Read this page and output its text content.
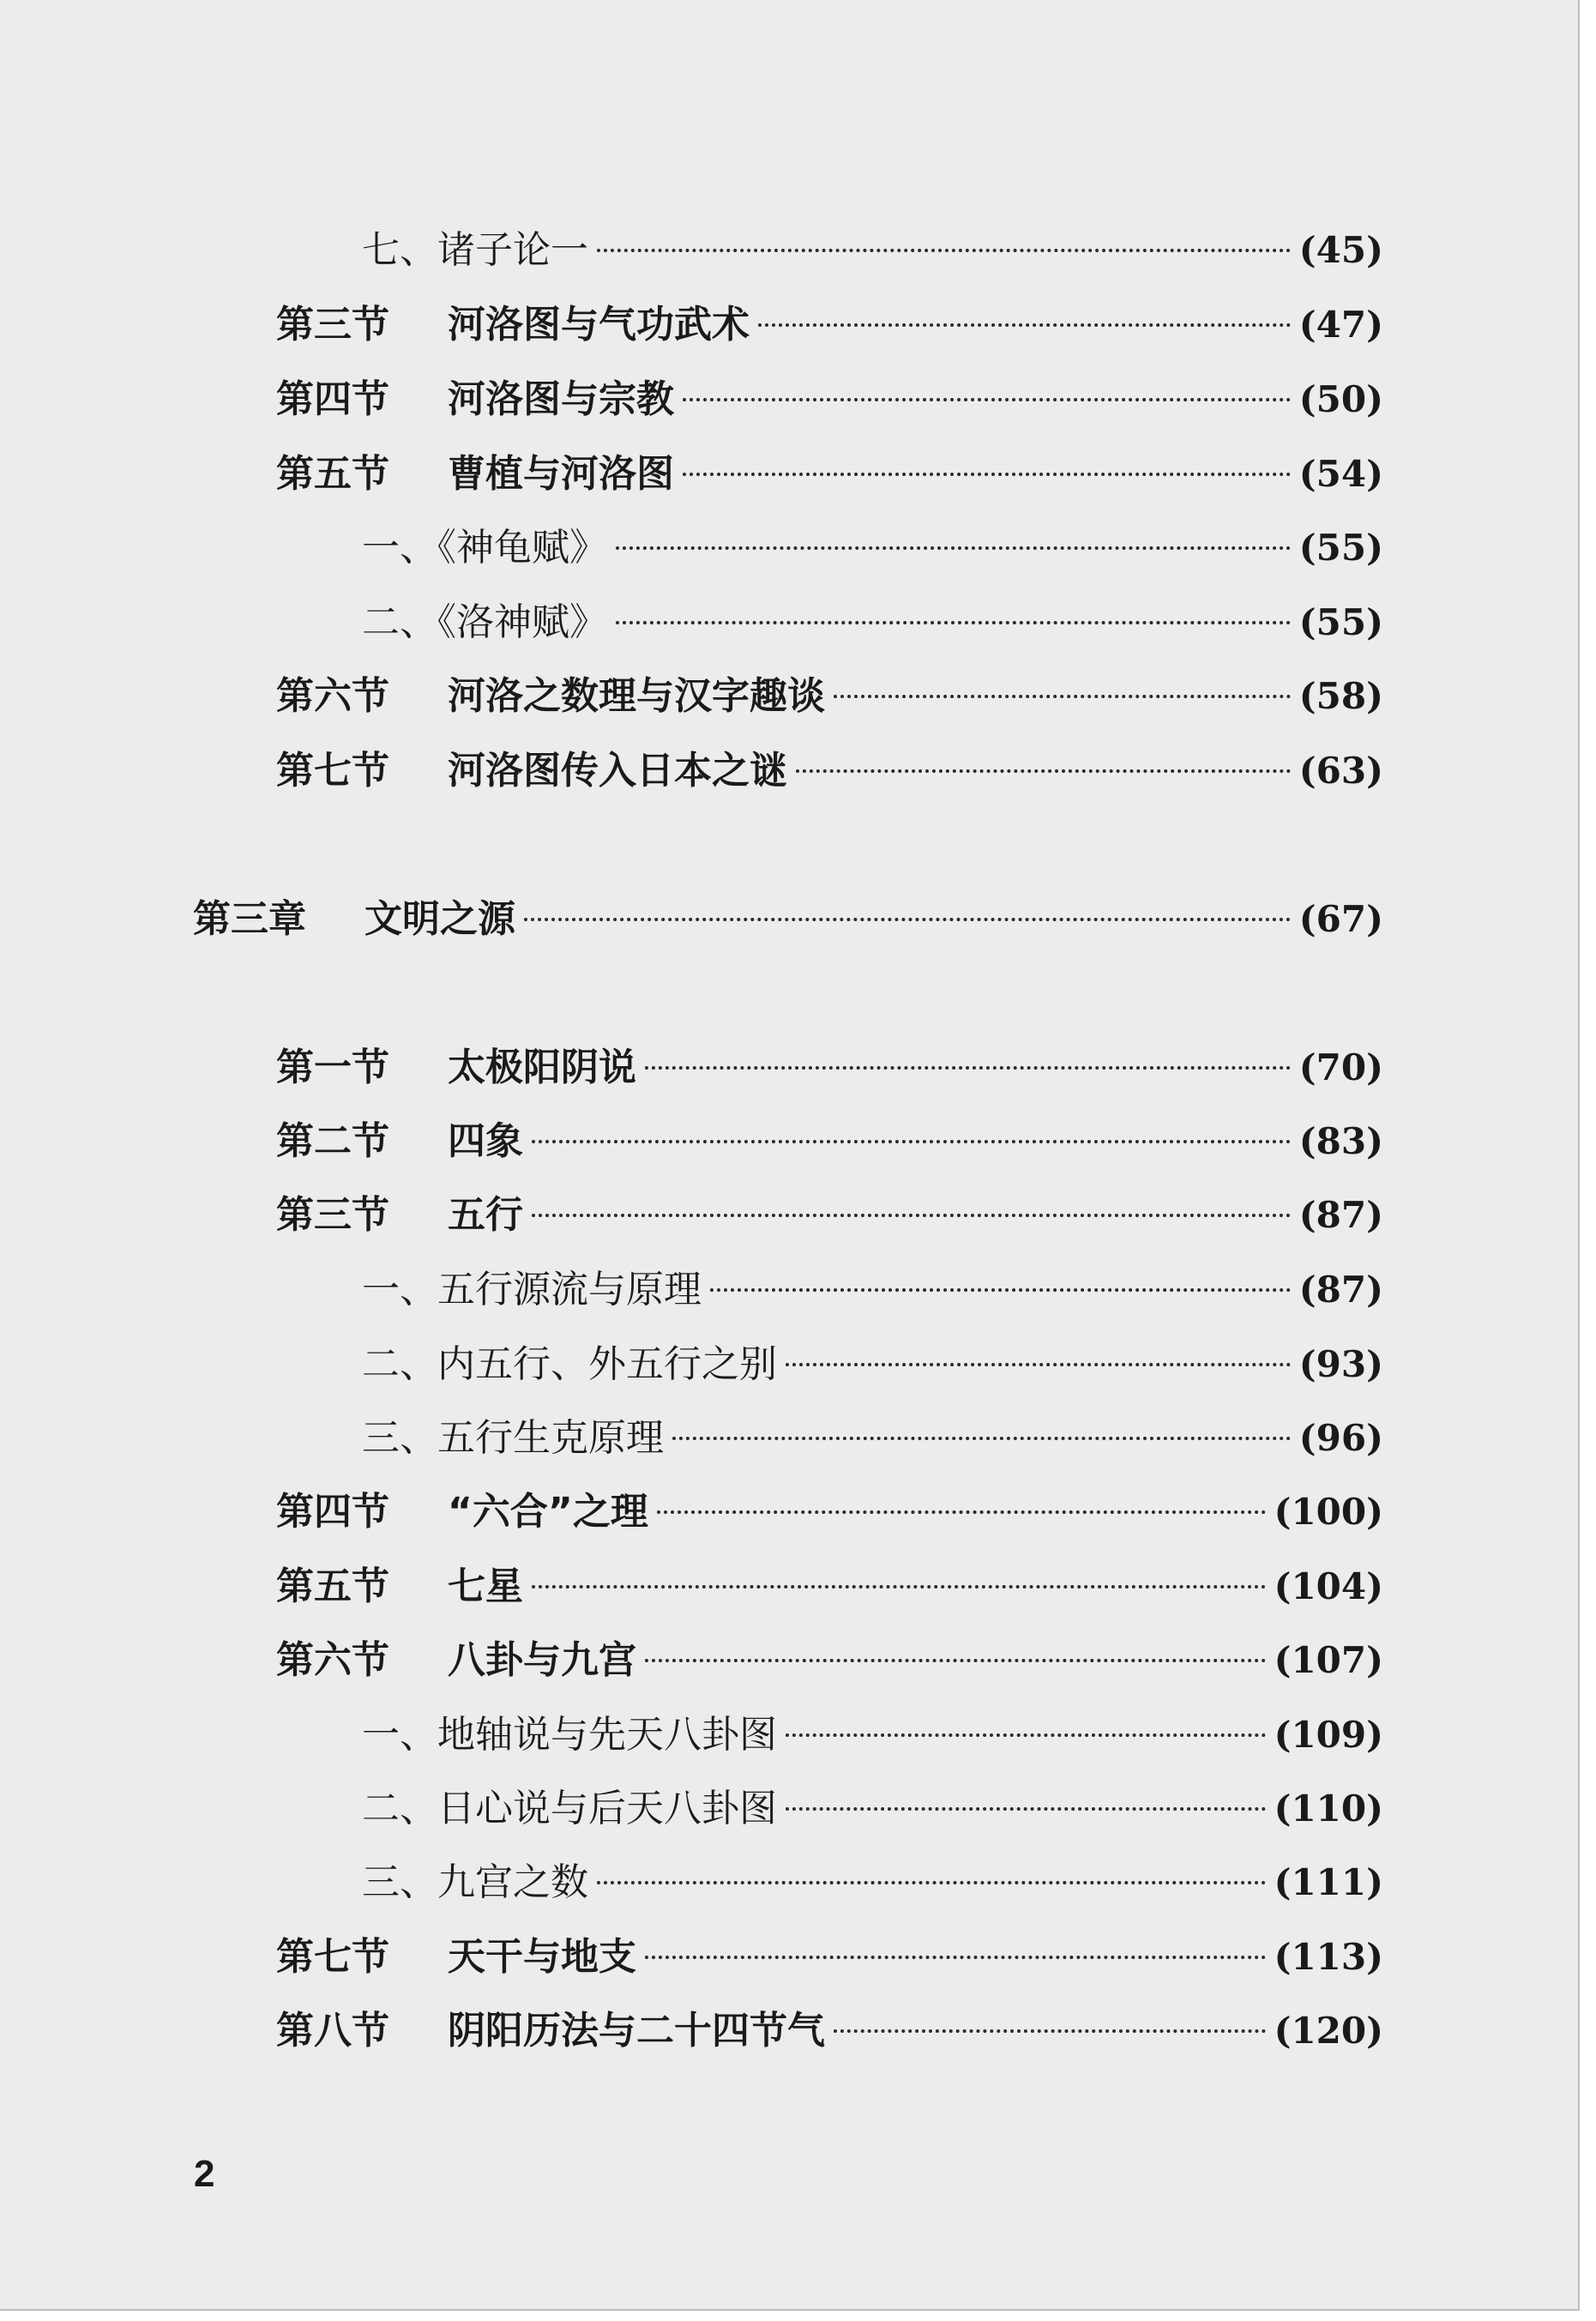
七、诸子论一	(45)
第三节	河洛图与气功武术	(47)
第四节	河洛图与宗教	(50)
第五节	曹植与河洛图	(54)
一、《神龟赋》	(55)
二、《洛神赋》	(55)
第六节	河洛之数理与汉字趣谈	(58)
第七节	河洛图传入日本之谜	(63)
第三章	文明之源	(67)
第一节	太极阳阴说	(70)
第二节	四象	(83)
第三节	五行	(87)
一、五行源流与原理	(87)
二、内五行、外五行之别	(93)
三、五行生克原理	(96)
第四节	“六合”之理	(100)
第五节	七星	(104)
第六节	八卦与九宫	(107)
一、地轴说与先天八卦图	(109)
二、日心说与后天八卦图	(110)
三、九宫之数	(111)
第七节	天干与地支	(113)
第八节	阴阳历法与二十四节气	(120)
2
